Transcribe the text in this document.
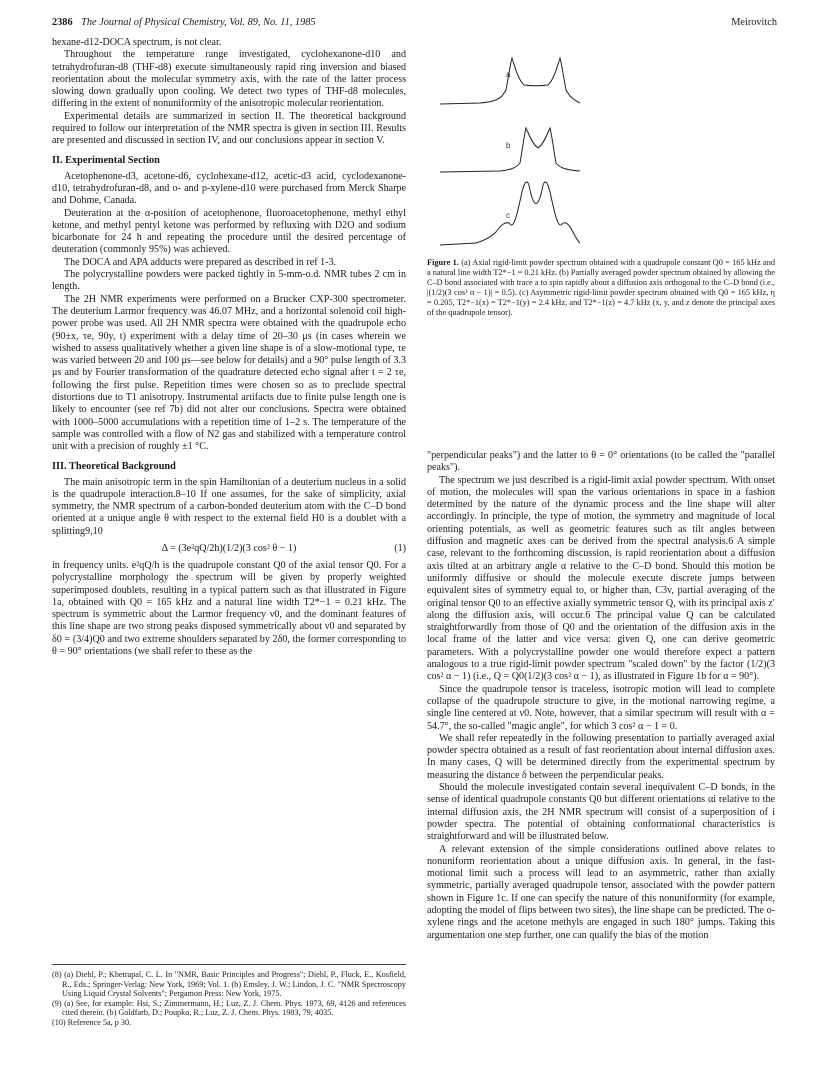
2386 The Journal of Physical Chemistry, Vol. 89, No. 11, 1985	Meirovitch

hexane-d12-DOCA spectrum, is not clear.

Throughout the temperature range investigated, cyclohexanone-d10 and tetrahydrofuran-d8 (THF-d8) execute simultaneously rapid ring inversion and biased reorientation about the molecular symmetry axis, with the rate of the latter process slowing down gradually upon cooling. We detect two types of THF-d8 molecules, differing in the extent of nonuniformity of the anisotropic molecular reorientation.

Experimental details are summarized in section II. The theoretical background required to follow our interpretation of the NMR spectra is given in section III. Results are presented and discussed in section IV, and our conclusions appear in section V.

II. Experimental Section

Acetophenone-d3, acetone-d6, cyclohexane-d12, acetic-d3 acid, cyclodexanone-d10, tetrahydrofuran-d8, and o- and p-xylene-d10 were purchased from Merck Sharpe and Dohme, Canada.

Deuteration at the α-position of acetophenone, fluoroacetophenone, methyl ethyl ketone, and methyl pentyl ketone was performed by refluxing with D2O and sodium bicarbonate for 24 h and repeating the procedure until the desired percentage of deuteration (commonly 95%) was achieved.

The DOCA and APA adducts were prepared as described in ref 1-3.

The polycrystalline powders were packed tightly in 5-mm-o.d. NMR tubes 2 cm in length.

The 2H NMR experiments were performed on a Brucker CXP-300 spectrometer. The deuterium Larmor frequency was 46.07 MHz, and a horizontal solenoid coil high-power probe was used. All 2H NMR spectra were obtained with the quadrupole echo (90±x, τe, 90y, t) experiment with a delay time of 20–30 μs (in cases wherein we wished to assess qualitatively whether a given line shape is of a slow-motional type, τe was varied between 20 and 100 μs—see below for details) and a 90° pulse length of 3.3 μs and by Fourier transformation of the quadrature detected echo signal after t = 2 τe, following the first pulse. Repetition times were chosen so as to preclude spectral distortions due to T1 anisotropy. Instrumental artifacts due to finite pulse length one is likely to encounter (see ref 7b) did not alter our conclusions. Spectra were obtained with 1000–5000 accumulations with a repetition time of 1–2 s. The temperature of the sample was controlled with a flow of N2 gas and stabilized with a temperature control unit with a precision of roughly ±1 °C.

III. Theoretical Background

The main anisotropic term in the spin Hamiltonian of a deuterium nucleus in a solid is the quadrupole interaction.8–10 If one assumes, for the sake of simplicity, axial symmetry, the NMR spectrum of a carbon-bonded deuterium atom with the C–D bond oriented at a unique angle θ with respect to the external field H0 is a doublet with a splitting9,10

Δ = (3e²qQ/2h)(1/2)(3 cos² θ − 1)	(1)

in frequency units. e²qQ/h is the quadrupole constant Q0 of the axial tensor Q0. For a polycrystalline morphology the spectrum will be given by properly weighted superimposed doublets, resulting in a typical pattern such as that illustrated in Figure 1a, obtained with Q0 = 165 kHz and a natural line width T2*−1 = 0.21 kHz. The spectrum is symmetric about the Larmor frequency ν0, and the dominant features of this line shape are two strong peaks disposed symmetrically about ν0 and separated by δ0 = (3/4)Q0 and two extreme shoulders separated by 2δ0, the former corresponding to θ = 90° orientations (we shall refer to these as the

(8) (a) Diehl, P.; Khetrapal, C. L. In "NMR, Basic Principles and Progress"; Diehl, P., Fluck, E., Kosfield, R., Eds.; Springer-Verlag: New York, 1969; Vol. 1. (b) Emsley, J. W.; Lindon, J. C. "NMR Spectroscopy Using Liquid Crystal Solvents"; Pergamon Press: New York, 1975.

(9) (a) See, for example: Hsi, S.; Zimmermann, H.; Luz, Z. J. Chem. Phys. 1973, 69, 4126 and references cited therein. (b) Goldfarb, D.; Poupko, R.; Luz, Z. J. Chem. Phys. 1983, 79, 4035.

(10) Reference 5a, p 30.

a
b
c
Figure 1. (a) Axial rigid-limit powder spectrum obtained with a quadrupole constant Q0 = 165 kHz and a natural line width T2*−1 = 0.21 kHz. (b) Partially averaged powder spectrum obtained by allowing the C–D bond associated with trace a to spin rapidly about a diffusion axis orthogonal to the C–D bond (i.e., |(1/2)(3 cos² α − 1)| = 0.5). (c) Asymmetric rigid-limit powder spectrum obtained with Q0 = 165 kHz, η = 0.205, T2*−1(x) = T2*−1(y) = 2.4 kHz, and T2*−1(z) = 4.7 kHz (x, y, and z denote the principal axes of the quadrupole tensor).

"perpendicular peaks") and the latter to θ = 0° orientations (to be called the "parallel peaks").

The spectrum we just described is a rigid-limit axial powder spectrum. With onset of motion, the molecules will span the various orientations in space in a fashion determined by the nature of the dynamic process and the line shape will alter accordingly. In principle, the type of motion, the symmetry and magnitude of local orienting potentials, as well as geometric features such as tilt angles between diffusion and magnetic axes can be derived from the spectral analysis.6 A simple case, relevant to the forthcoming discussion, is rapid reorientation about a diffusion axis tilted at an arbitrary angle α relative to the C–D bond. Should this motion be uniformly diffusive or should the molecule execute discrete jumps between equivalent sites of symmetry equal to, or higher than, C3v, partial averaging of the original tensor Q0 to an effective axially symmetric tensor Q, with its principal axis z′ along the diffusion axis, will occur.6 The principal value Q can be calculated straightforwardly from those of Q0 and the orientation of the diffusion axis in the local frame of the latter and vice versa: given Q, one can derive geometric parameters. With a polycrystalline powder one would therefore expect a pattern analogous to a true rigid-limit powder spectrum "scaled down" by the factor (1/2)(3 cos² α − 1) (i.e., Q = Q0(1/2)(3 cos² α − 1), as illustrated in Figure 1b for α = 90°).

Since the quadrupole tensor is traceless, isotropic motion will lead to complete collapse of the quadrupole structure to give, in the motional narrowing regime, a single line centered at ν0. Note, however, that a similar spectrum will result with α = 54.7°, the so-called "magic angle", for which 3 cos² α − 1 = 0.

We shall refer repeatedly in the following presentation to partially averaged axial powder spectra obtained as a result of fast reorientation about internal diffusion axes. In many cases, Q will be determined directly from the experimental spectrum by measuring the distance δ between the perpendicular peaks.

Should the molecule investigated contain several inequivalent C–D bonds, in the sense of identical quadrupole constants Q0 but different orientations αi relative to the internal diffusion axis, the 2H NMR spectrum will consist of a superposition of i powder spectra. The potential of obtaining conformational characteristics is straightforward and will be illustrated below.

A relevant extension of the simple considerations outlined above relates to nonuniform reorientation about a unique diffusion axis. In general, in the fast-motional limit such a process will lead to an asymmetric, rather than axially symmetric, partially averaged quadrupole tensor, associated with the powder pattern shown in Figure 1c. If one can specify the nature of this nonuniformity (for example, adopting the model of flips between two sites), the line shape can be predicted. The o-xylene rings and the acetone methyls are engaged in such 180° jumps. Taking this argumentation one step further, one can qualify the bias of the motion
